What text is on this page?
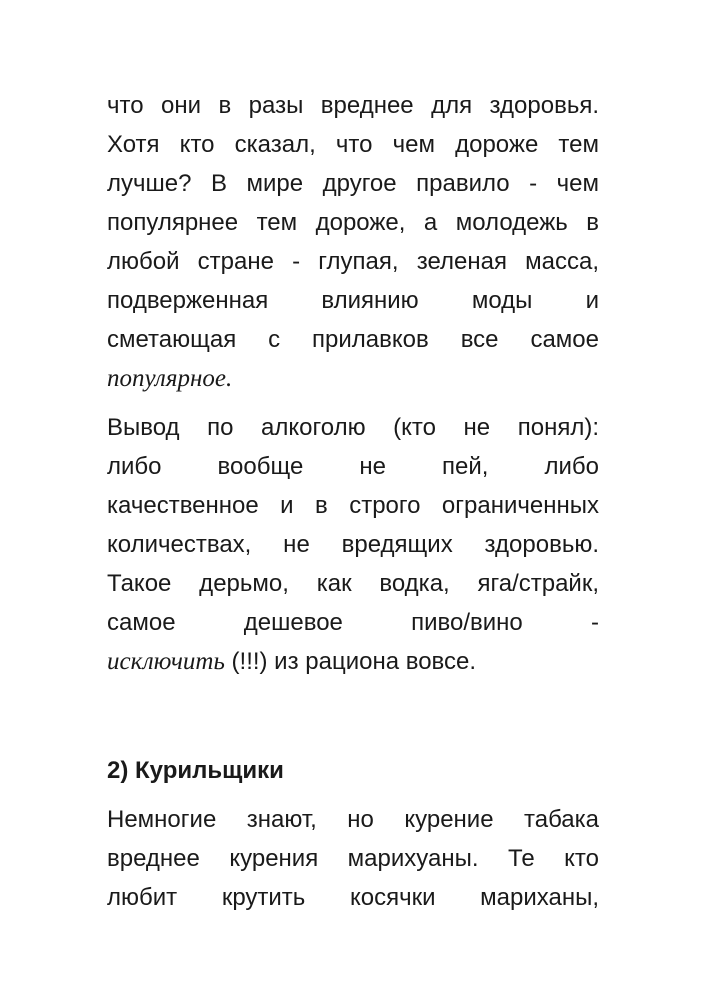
что они в разы вреднее для здоровья.
Хотя кто сказал, что чем дороже тем
лучше? В мире другое правило - чем
популярнее тем дороже, а молодежь в
любой стране - глупая, зеленая масса,
подверженная влиянию моды и
сметающая с прилавков все самое
популярное.
Вывод по алкоголю (кто не понял):
либо вообще не пей, либо
качественное и в строго ограниченных
количествах, не вредящих здоровью.
Такое дерьмо, как водка, яга/страйк,
самое дешевое пиво/вино -
исключить (!!!) из рациона вовсе.
2) Курильщики
Немногие знают, но курение табака
вреднее курения марихуаны. Те кто
любит крутить косячки мариханы,
